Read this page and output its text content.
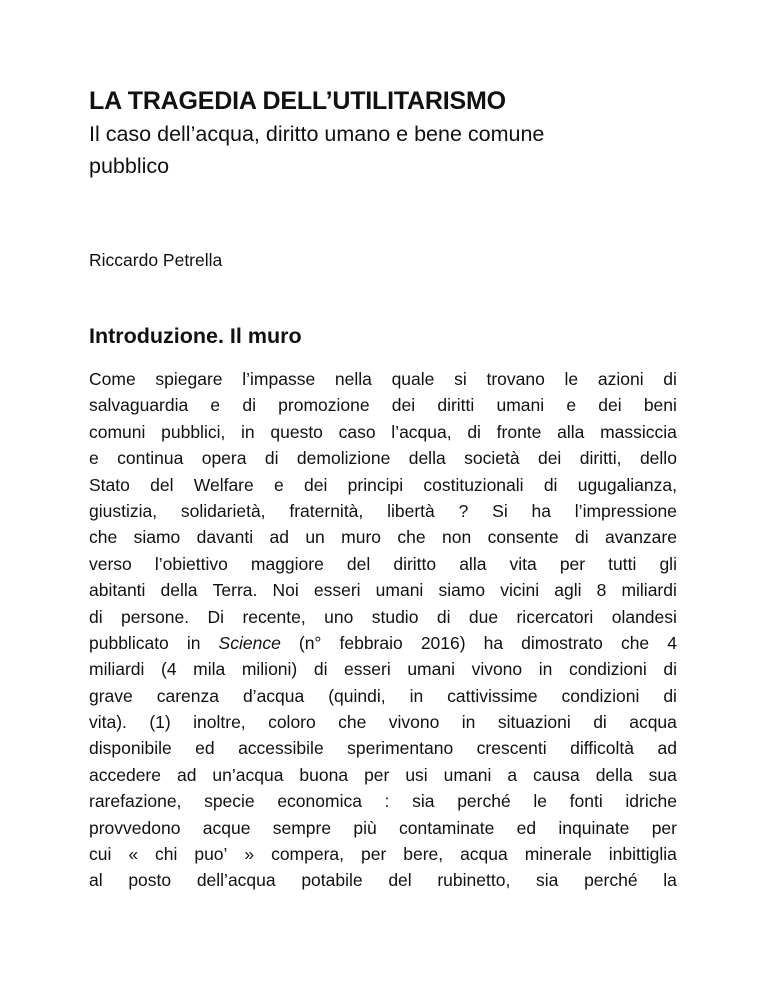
LA TRAGEDIA DELL’UTILITARISMO

Il caso dell’acqua, diritto umano e bene comune pubblico

Riccardo Petrella

Introduzione. Il muro
Come spiegare l’impasse nella quale si trovano le azioni di
salvaguardia e di promozione dei diritti umani e dei beni
comuni pubblici, in questo caso l’acqua, di fronte alla massiccia
e continua opera di demolizione della società dei diritti, dello
Stato del Welfare e dei principi costituzionali di ugugalianza,
giustizia, solidarietà, fraternità, libertà ? Si ha l’impressione
che siamo davanti ad un muro che non consente di avanzare
verso l’obiettivo maggiore del diritto alla vita per tutti gli
abitanti della Terra. Noi esseri umani siamo vicini agli 8 miliardi
di persone. Di recente, uno studio di due ricercatori olandesi
pubblicato in Science (n° febbraio 2016) ha dimostrato che 4
miliardi (4 mila milioni) di esseri umani vivono in condizioni di
grave carenza d’acqua (quindi, in cattivissime condizioni di
vita). (1) inoltre, coloro che vivono in situazioni di acqua
disponibile ed accessibile sperimentano crescenti difficoltà ad
accedere ad un’acqua buona per usi umani a causa della sua
rarefazione, specie economica : sia perché le fonti idriche
provvedono acque sempre più contaminate ed inquinate per
cui « chi puo’ » compera, per bere, acqua minerale inbittiglia
al posto dell’acqua potabile del rubinetto, sia perché la
